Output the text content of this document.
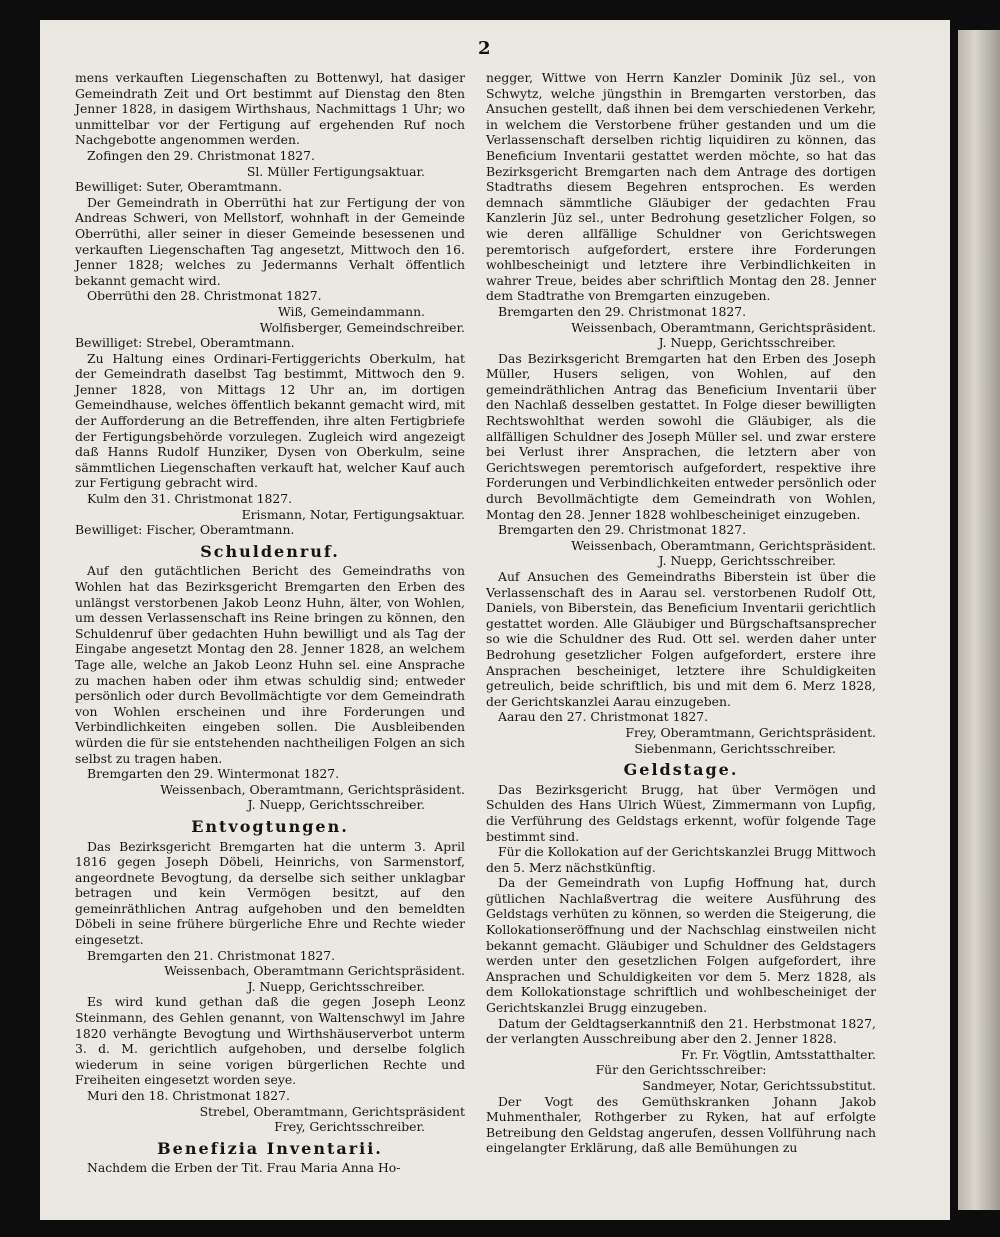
2

mens verkauften Liegenschaften zu Bottenwyl, hat dasiger Gemeindrath Zeit und Ort bestimmt auf Dienstag den 8ten Jenner 1828, in dasigem Wirthshaus, Nachmittags 1 Uhr; wo unmittelbar vor der Fertigung auf ergehenden Ruf noch Nachgebotte angenommen werden.

Zofingen den 29. Christmonat 1827.

Sl. Müller Fertigungsaktuar.

Bewilliget: Suter, Oberamtmann.

Der Gemeindrath in Oberrüthi hat zur Fertigung der von Andreas Schweri, von Mellstorf, wohnhaft in der Gemeinde Oberrüthi, aller seiner in dieser Gemeinde besessenen und verkauften Liegenschaften Tag angesetzt, Mittwoch den 16. Jenner 1828; welches zu Jedermanns Verhalt öffentlich bekannt gemacht wird.

Oberrüthi den 28. Christmonat 1827.

Wiß, Gemeindammann.

Wolfisberger, Gemeindschreiber.

Bewilliget: Strebel, Oberamtmann.

Zu Haltung eines Ordinari-Fertiggerichts Oberkulm, hat der Gemeindrath daselbst Tag bestimmt, Mittwoch den 9. Jenner 1828, von Mittags 12 Uhr an, im dortigen Gemeindhause, welches öffentlich bekannt gemacht wird, mit der Aufforderung an die Betreffenden, ihre alten Fertigbriefe der Fertigungsbehörde vorzulegen. Zugleich wird angezeigt daß Hanns Rudolf Hunziker, Dysen von Oberkulm, seine sämmtlichen Liegenschaften verkauft hat, welcher Kauf auch zur Fertigung gebracht wird.

Kulm den 31. Christmonat 1827.

Erismann, Notar, Fertigungsaktuar.

Bewilliget: Fischer, Oberamtmann.

Schuldenruf.

Auf den gutächtlichen Bericht des Gemeindraths von Wohlen hat das Bezirksgericht Bremgarten den Erben des unlängst verstorbenen Jakob Leonz Huhn, älter, von Wohlen, um dessen Verlassenschaft ins Reine bringen zu können, den Schuldenruf über gedachten Huhn bewilligt und als Tag der Eingabe angesetzt Montag den 28. Jenner 1828, an welchem Tage alle, welche an Jakob Leonz Huhn sel. eine Ansprache zu machen haben oder ihm etwas schuldig sind; entweder persönlich oder durch Bevollmächtigte vor dem Gemeindrath von Wohlen erscheinen und ihre Forderungen und Verbindlichkeiten eingeben sollen. Die Ausbleibenden würden die für sie entstehenden nachtheiligen Folgen an sich selbst zu tragen haben.

Bremgarten den 29. Wintermonat 1827.

Weissenbach, Oberamtmann, Gerichtspräsident.

J. Nuepp, Gerichtsschreiber.

Entvogtungen.

Das Bezirksgericht Bremgarten hat die unterm 3. April 1816 gegen Joseph Döbeli, Heinrichs, von Sarmenstorf, angeordnete Bevogtung, da derselbe sich seither unklagbar betragen und kein Vermögen besitzt, auf den gemeinräthlichen Antrag aufgehoben und den bemeldten Döbeli in seine frühere bürgerliche Ehre und Rechte wieder eingesetzt.

Bremgarten den 21. Christmonat 1827.

Weissenbach, Oberamtmann Gerichtspräsident.

J. Nuepp, Gerichtsschreiber.

Es wird kund gethan daß die gegen Joseph Leonz Steinmann, des Gehlen genannt, von Waltenschwyl im Jahre 1820 verhängte Bevogtung und Wirthshäuserverbot unterm 3. d. M. gerichtlich aufgehoben, und derselbe folglich wiederum in seine vorigen bürgerlichen Rechte und Freiheiten eingesetzt worden seye.

Muri den 18. Christmonat 1827.

Strebel, Oberamtmann, Gerichtspräsident

Frey, Gerichtsschreiber.

Benefizia Inventarii.

Nachdem die Erben der Tit. Frau Maria Anna Ho-

negger, Wittwe von Herrn Kanzler Dominik Jüz sel., von Schwytz, welche jüngsthin in Bremgarten verstorben, das Ansuchen gestellt, daß ihnen bei dem verschiedenen Verkehr, in welchem die Verstorbene früher gestanden und um die Verlassenschaft derselben richtig liquidiren zu können, das Beneficium Inventarii gestattet werden möchte, so hat das Bezirksgericht Bremgarten nach dem Antrage des dortigen Stadtraths diesem Begehren entsprochen. Es werden demnach sämmtliche Gläubiger der gedachten Frau Kanzlerin Jüz sel., unter Bedrohung gesetzlicher Folgen, so wie deren allfällige Schuldner von Gerichtswegen peremtorisch aufgefordert, erstere ihre Forderungen wohlbescheinigt und letztere ihre Verbindlichkeiten in wahrer Treue, beides aber schriftlich Montag den 28. Jenner dem Stadtrathe von Bremgarten einzugeben.

Bremgarten den 29. Christmonat 1827.

Weissenbach, Oberamtmann, Gerichtspräsident.

J. Nuepp, Gerichtsschreiber.

Das Bezirksgericht Bremgarten hat den Erben des Joseph Müller, Husers seligen, von Wohlen, auf den gemeindräthlichen Antrag das Beneficium Inventarii über den Nachlaß desselben gestattet. In Folge dieser bewilligten Rechtswohlthat werden sowohl die Gläubiger, als die allfälligen Schuldner des Joseph Müller sel. und zwar erstere bei Verlust ihrer Ansprachen, die letztern aber von Gerichtswegen peremtorisch aufgefordert, respektive ihre Forderungen und Verbindlichkeiten entweder persönlich oder durch Bevollmächtigte dem Gemeindrath von Wohlen, Montag den 28. Jenner 1828 wohlbescheiniget einzugeben.

Bremgarten den 29. Christmonat 1827.

Weissenbach, Oberamtmann, Gerichtspräsident.

J. Nuepp, Gerichtsschreiber.

Auf Ansuchen des Gemeindraths Biberstein ist über die Verlassenschaft des in Aarau sel. verstorbenen Rudolf Ott, Daniels, von Biberstein, das Beneficium Inventarii gerichtlich gestattet worden. Alle Gläubiger und Bürgschaftsansprecher so wie die Schuldner des Rud. Ott sel. werden daher unter Bedrohung gesetzlicher Folgen aufgefordert, erstere ihre Ansprachen bescheiniget, letztere ihre Schuldigkeiten getreulich, beide schriftlich, bis und mit dem 6. Merz 1828, der Gerichtskanzlei Aarau einzugeben.

Aarau den 27. Christmonat 1827.

Frey, Oberamtmann, Gerichtspräsident.

Siebenmann, Gerichtsschreiber.

Geldstage.

Das Bezirksgericht Brugg, hat über Vermögen und Schulden des Hans Ulrich Wüest, Zimmermann von Lupfig, die Verführung des Geldstags erkennt, wofür folgende Tage bestimmt sind.

Für die Kollokation auf der Gerichtskanzlei Brugg Mittwoch den 5. Merz nächstkünftig.

Da der Gemeindrath von Lupfig Hoffnung hat, durch gütlichen Nachlaßvertrag die weitere Ausführung des Geldstags verhüten zu können, so werden die Steigerung, die Kollokationseröffnung und der Nachschlag einstweilen nicht bekannt gemacht. Gläubiger und Schuldner des Geldstagers werden unter den gesetzlichen Folgen aufgefordert, ihre Ansprachen und Schuldigkeiten vor dem 5. Merz 1828, als dem Kollokationstage schriftlich und wohlbescheiniget der Gerichtskanzlei Brugg einzugeben.

Datum der Geldtagserkanntniß den 21. Herbstmonat 1827, der verlangten Ausschreibung aber den 2. Jenner 1828.

Fr. Fr. Vögtlin, Amtsstatthalter.

Für den Gerichtsschreiber:

Sandmeyer, Notar, Gerichtssubstitut.

Der Vogt des Gemüthskranken Johann Jakob Muhmenthaler, Rothgerber zu Ryken, hat auf erfolgte Betreibung den Geldstag angerufen, dessen Vollführung nach eingelangter Erklärung, daß alle Bemühungen zu
